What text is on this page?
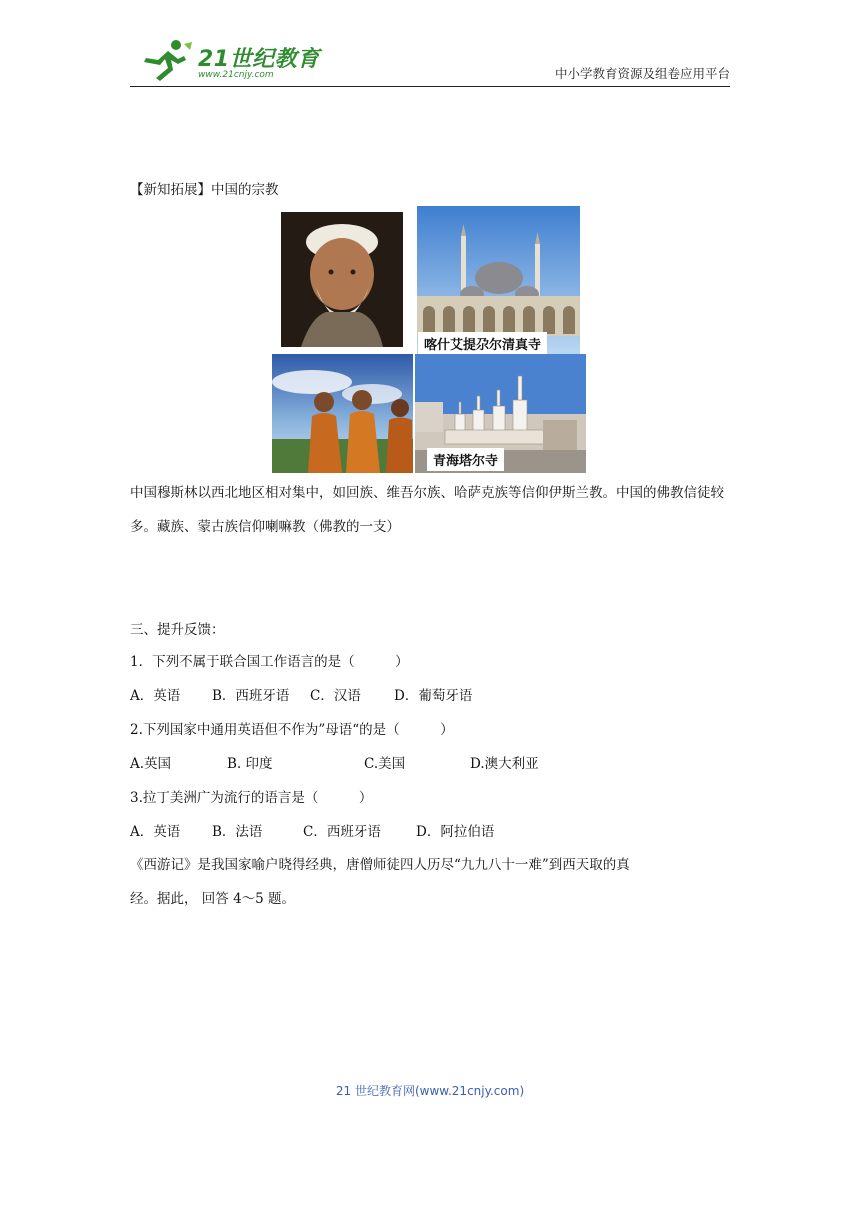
21世纪教育
www.21cnjy.com	中小学教育资源及组卷应用平台
【新知拓展】中国的宗教
喀什艾提尕尔清真寺
青海塔尔寺
中国穆斯林以西北地区相对集中，如回族、维吾尔族、哈萨克族等信仰伊斯兰教。中国的佛教信徒较多。藏族、蒙古族信仰喇嘛教（佛教的一支）
三、提升反馈：
1．下列不属于联合国工作语言的是（　　　）
A．英语 B．西班牙语 C．汉语 D．葡萄牙语
2.下列国家中通用英语但不作为”母语“的是（　　　）
A.英国	B. 印度	C.美国	D.澳大利亚
3.拉丁美洲广为流行的语言是（　　　）
A．英语 B．法语	C．西班牙语	D．阿拉伯语
《西游记》是我国家喻户晓得经典，唐僧师徒四人历尽“九九八十一难”到西天取的真
经。据此， 回答 4～5 题。
21 世纪教育网(www.21cnjy.com)
